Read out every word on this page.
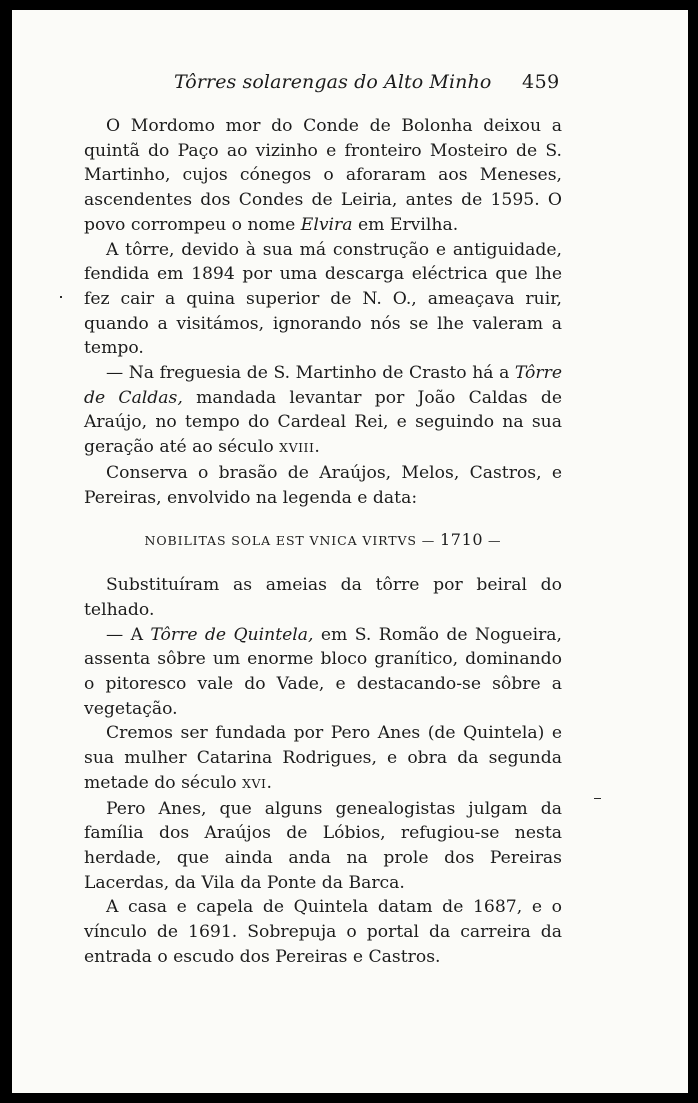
Tôrres solarengas do Alto Minho 459

O Mordomo mor do Conde de Bolonha deixou a quintã do Paço ao vizinho e fronteiro Mosteiro de S. Martinho, cujos cónegos o aforaram aos Meneses, ascendentes dos Condes de Leiria, antes de 1595. O povo corrompeu o nome Elvira em Ervilha.

A tôrre, devido à sua má construção e antiguidade, fendida em 1894 por uma descarga eléctrica que lhe fez cair a quina superior de N. O., ameaçava ruir, quando a visitámos, ignorando nós se lhe valeram a tempo.

— Na freguesia de S. Martinho de Crasto há a Tôrre de Caldas, mandada levantar por João Caldas de Araújo, no tempo do Cardeal Rei, e seguindo na sua geração até ao século XVIII.

Conserva o brasão de Araújos, Melos, Castros, e Pereiras, envolvido na legenda e data:

NOBILITAS SOLA EST VNICA VIRTVS — 1710 —

Substituíram as ameias da tôrre por beiral do telhado.

— A Tôrre de Quintela, em S. Romão de Nogueira, assenta sôbre um enorme bloco granítico, dominando o pitoresco vale do Vade, e destacando-se sôbre a vegetação.

Cremos ser fundada por Pero Anes (de Quintela) e sua mulher Catarina Rodrigues, e obra da segunda metade do século XVI.

Pero Anes, que alguns genealogistas julgam da família dos Araújos de Lóbios, refugiou-se nesta herdade, que ainda anda na prole dos Pereiras Lacerdas, da Vila da Ponte da Barca.

A casa e capela de Quintela datam de 1687, e o vínculo de 1691. Sobrepuja o portal da carreira da entrada o escudo dos Pereiras e Castros.
